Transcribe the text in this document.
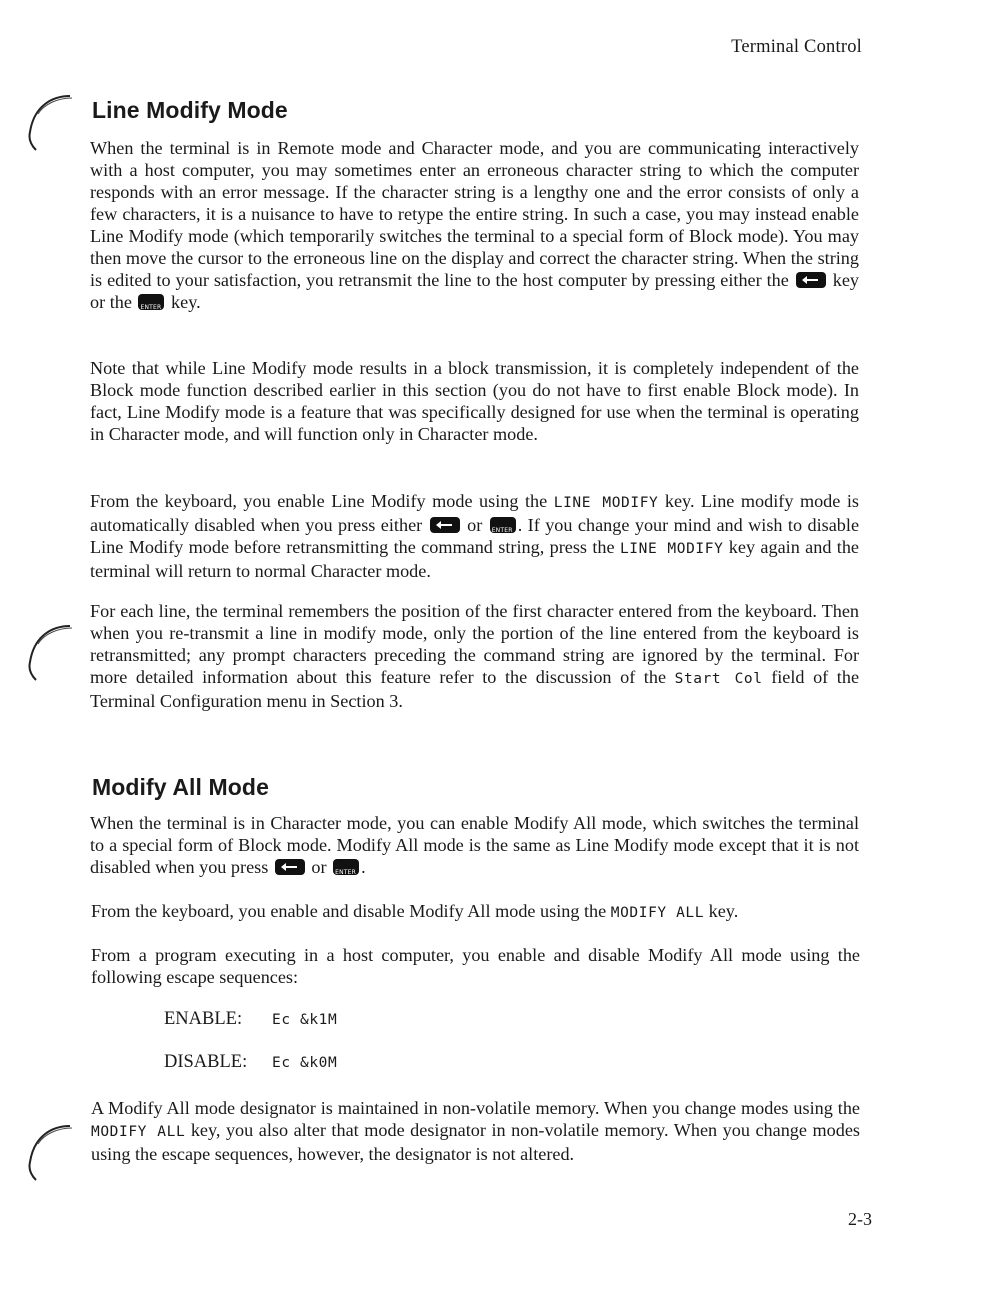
Terminal Control
Line Modify Mode

When the terminal is in Remote mode and Character mode, and you are communicating interactively with a host computer, you may sometimes enter an erroneous character string to which the computer responds with an error message. If the character string is a lengthy one and the error consists of only a few characters, it is a nuisance to have to retype the entire string. In such a case, you may instead enable Line Modify mode (which temporarily switches the terminal to a special form of Block mode). You may then move the cursor to the erroneous line on the display and correct the character string. When the string is edited to your satisfaction, you retransmit the line to the host computer by pressing either the key or the ENTER key.

Note that while Line Modify mode results in a block transmission, it is completely independent of the Block mode function described earlier in this section (you do not have to first enable Block mode). In fact, Line Modify mode is a feature that was specifically designed for use when the terminal is operating in Character mode, and will function only in Character mode.

From the keyboard, you enable Line Modify mode using the LINE MODIFY key. Line modify mode is automatically disabled when you press either or ENTER . If you change your mind and wish to disable Line Modify mode before retransmitting the command string, press the LINE MODIFY key again and the terminal will return to normal Character mode.

For each line, the terminal remembers the position of the first character entered from the keyboard. Then when you re-transmit a line in modify mode, only the portion of the line entered from the keyboard is retransmitted; any prompt characters preceding the command string are ignored by the terminal. For more detailed information about this feature refer to the discussion of the Start Col field of the Terminal Configuration menu in Section 3.

Modify All Mode

When the terminal is in Character mode, you can enable Modify All mode, which switches the terminal to a special form of Block mode. Modify All mode is the same as Line Modify mode except that it is not disabled when you press or ENTER .

From the keyboard, you enable and disable Modify All mode using the MODIFY ALL key.

From a program executing in a host computer, you enable and disable Modify All mode using the following escape sequences:

ENABLE: Ec &k1M
DISABLE: Ec &k0M

A Modify All mode designator is maintained in non-volatile memory. When you change modes using the MODIFY ALL key, you also alter that mode designator in non-volatile memory. When you change modes using the escape sequences, however, the designator is not altered.

2-3
